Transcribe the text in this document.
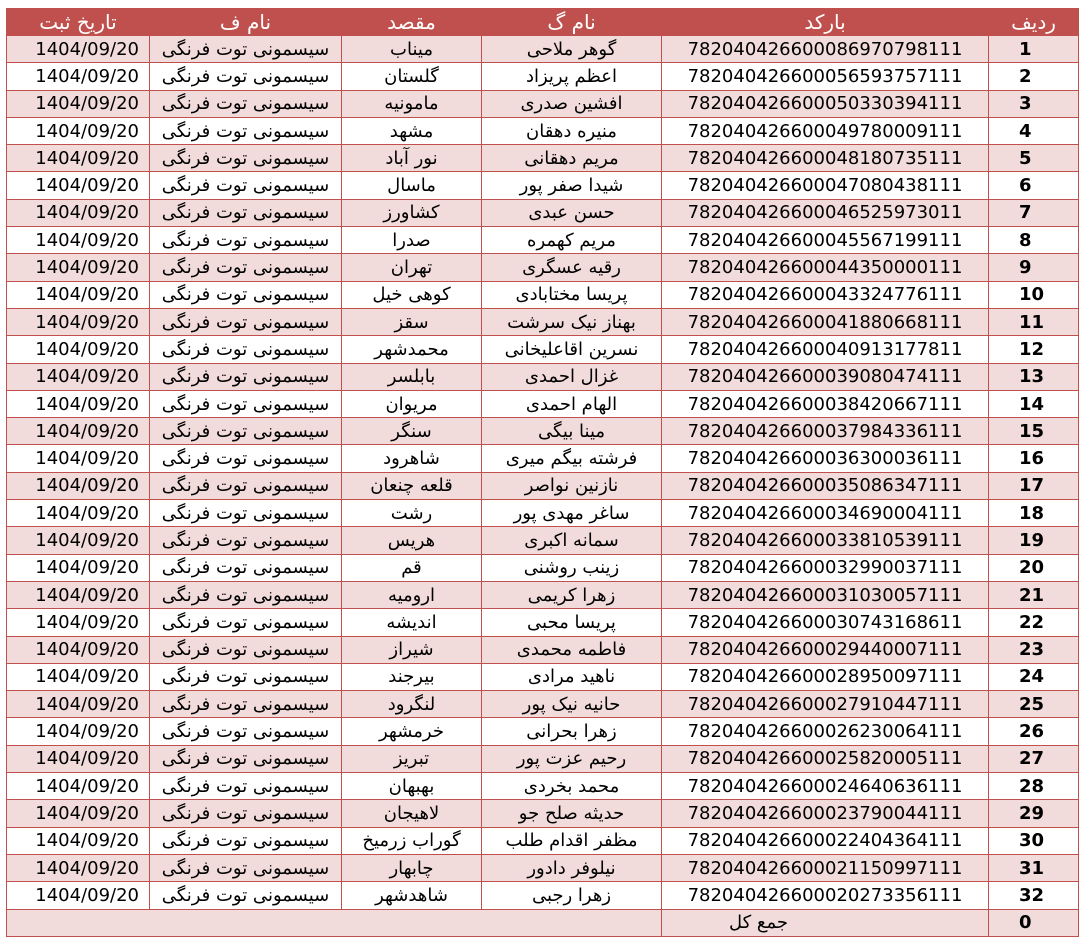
تاریخ ثبت	نام ف	مقصد	نام گ	بارکد	ردیف
1404/09/20	سیسمونی توت فرنگی	میناب	گوهر ملاحی	782040426600086970798111	1
1404/09/20	سیسمونی توت فرنگی	گلستان	اعظم پریزاد	782040426600056593757111	2
1404/09/20	سیسمونی توت فرنگی	مامونیه	افشین صدری	782040426600050330394111	3
1404/09/20	سیسمونی توت فرنگی	مشهد	منیره دهقان	782040426600049780009111	4
1404/09/20	سیسمونی توت فرنگی	نور آباد	مریم دهقانی	782040426600048180735111	5
1404/09/20	سیسمونی توت فرنگی	ماسال	شیدا صفر پور	782040426600047080438111	6
1404/09/20	سیسمونی توت فرنگی	کشاورز	حسن عبدی	782040426600046525973011	7
1404/09/20	سیسمونی توت فرنگی	صدرا	مریم کهمره	782040426600045567199111	8
1404/09/20	سیسمونی توت فرنگی	تهران	رقیه عسگری	782040426600044350000111	9
1404/09/20	سیسمونی توت فرنگی	کوهی خیل	پریسا مختابادی	782040426600043324776111	10
1404/09/20	سیسمونی توت فرنگی	سقز	بهناز نیک سرشت	782040426600041880668111	11
1404/09/20	سیسمونی توت فرنگی	محمدشهر	نسرین اقاعلیخانی	782040426600040913177811	12
1404/09/20	سیسمونی توت فرنگی	بابلسر	غزال احمدی	782040426600039080474111	13
1404/09/20	سیسمونی توت فرنگی	مریوان	الهام احمدی	782040426600038420667111	14
1404/09/20	سیسمونی توت فرنگی	سنگر	مینا بیگی	782040426600037984336111	15
1404/09/20	سیسمونی توت فرنگی	شاهرود	فرشته بیگم میری	782040426600036300036111	16
1404/09/20	سیسمونی توت فرنگی	قلعه چنعان	نازنین نواصر	782040426600035086347111	17
1404/09/20	سیسمونی توت فرنگی	رشت	ساغر مهدی پور	782040426600034690004111	18
1404/09/20	سیسمونی توت فرنگی	هریس	سمانه اکبری	782040426600033810539111	19
1404/09/20	سیسمونی توت فرنگی	قم	زینب روشنی	782040426600032990037111	20
1404/09/20	سیسمونی توت فرنگی	ارومیه	زهرا کریمی	782040426600031030057111	21
1404/09/20	سیسمونی توت فرنگی	اندیشه	پریسا محبی	782040426600030743168611	22
1404/09/20	سیسمونی توت فرنگی	شیراز	فاطمه محمدی	782040426600029440007111	23
1404/09/20	سیسمونی توت فرنگی	بیرجند	ناهید مرادی	782040426600028950097111	24
1404/09/20	سیسمونی توت فرنگی	لنگرود	حانیه نیک پور	782040426600027910447111	25
1404/09/20	سیسمونی توت فرنگی	خرمشهر	زهرا بحرانی	782040426600026230064111	26
1404/09/20	سیسمونی توت فرنگی	تبریز	رحیم عزت پور	782040426600025820005111	27
1404/09/20	سیسمونی توت فرنگی	بهبهان	محمد بخردی	782040426600024640636111	28
1404/09/20	سیسمونی توت فرنگی	لاهیجان	حدیثه صلح جو	782040426600023790044111	29
1404/09/20	سیسمونی توت فرنگی	گوراب زرمیخ	مظفر اقدام طلب	782040426600022404364111	30
1404/09/20	سیسمونی توت فرنگی	چابهار	نیلوفر دادور	782040426600021150997111	31
1404/09/20	سیسمونی توت فرنگی	شاهدشهر	زهرا رجبی	782040426600020273356111	32
				جمع کل	0
